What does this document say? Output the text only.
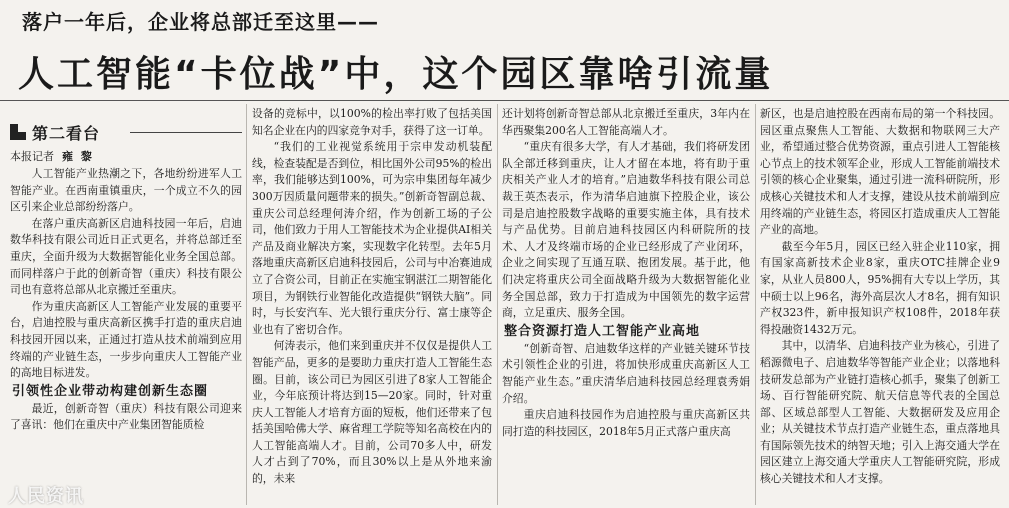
落户一年后，企业将总部迁至这里——
人工智能“卡位战”中，这个园区靠啥引流量
第二看台
本报记者 雍 黎

人工智能产业热潮之下，各地纷纷进军人工智能产业。在西南重镇重庆，一个成立不久的园区引来企业总部纷纷落户。

在落户重庆高新区启迪科技园一年后，启迪数华科技有限公司近日正式更名，并将总部迁至重庆，全面升级为大数据智能化业务全国总部。而同样落户于此的创新奇智（重庆）科技有限公司也有意将总部从北京搬迁至重庆。

作为重庆高新区人工智能产业发展的重要平台，启迪控股与重庆高新区携手打造的重庆启迪科技园开园以来，正通过打造从技术前端到应用终端的产业链生态，一步步向重庆人工智能产业的高地目标进发。

引领性企业带动构建创新生态圈

最近，创新奇智（重庆）科技有限公司迎来了喜讯：他们在重庆中产业集团智能质检

设备的竞标中，以100%的检出率打败了包括美国知名企业在内的四家竞争对手，获得了这一订单。

“我们的工业视觉系统用于宗申发动机装配线，检查装配是否到位，相比国外公司95%的检出率，我们能够达到100%，可为宗申集团每年减少300万因质量问题带来的损失。”创新奇智副总裁、重庆公司总经理何涛介绍，作为创新工场的子公司，他们致力于用人工智能技术为企业提供AI相关产品及商业解决方案，实现数字化转型。去年5月落地重庆高新区启迪科技园后，公司与中冶赛迪成立了合资公司，目前正在实施宝钢湛江二期智能化项目，为钢铁行业智能化改造提供“钢铁大脑”。同时，与长安汽车、光大银行重庆分行、富士康等企业也有了密切合作。

何涛表示，他们来到重庆并不仅仅是提供人工智能产品，更多的是要助力重庆打造人工智能生态圈。目前，该公司已为园区引进了8家人工智能企业，今年底预计将达到15—20家。同时，针对重庆人工智能人才培育方面的短板，他们还带来了包括美国哈佛大学、麻省理工学院等知名高校在内的人工智能高端人才。目前，公司70多人中，研发人才占到了70%，而且30%以上是从外地来渝的，未来

还计划将创新奇智总部从北京搬迁至重庆，3年内在华西聚集200名人工智能高端人才。

“重庆有很多大学，有人才基础，我们将研发团队全部迁移到重庆，让人才留在本地，将有助于重庆相关产业人才的培育。”启迪数华科技有限公司总裁王英杰表示，作为清华启迪旗下控股企业，该公司是启迪控股数字战略的重要实施主体，具有技术与产品优势。目前启迪科技园区内科研院所的技术、人才及终端市场的企业已经形成了产业闭环，企业之间实现了互通互联、抱团发展。基于此，他们决定将重庆公司全面战略升级为大数据智能化业务全国总部，致力于打造成为中国领先的数字运营商，立足重庆、服务全国。

整合资源打造人工智能产业高地

“创新奇智、启迪数华这样的产业链关键环节技术引领性企业的引进，将加快形成重庆高新区人工智能产业生态。”重庆清华启迪科技园总经理袁秀娟介绍。

重庆启迪科技园作为启迪控股与重庆高新区共同打造的科技园区，2018年5月正式落户重庆高

新区，也是启迪控股在西南布局的第一个科技园。园区重点聚焦人工智能、大数据和物联网三大产业，希望通过整合优势资源，重点引进人工智能核心节点上的技术领军企业，形成人工智能前端技术引领的核心企业聚集，通过引进一流科研院所，形成核心关键技术和人才支撑，建设从技术前端到应用终端的产业链生态，将园区打造成重庆人工智能产业的高地。

截至今年5月，园区已经入驻企业110家，拥有国家高新技术企业8家，重庆OTC挂牌企业9家，从业人员800人，95%拥有大专以上学历，其中硕士以上96名，海外高层次人才8名，拥有知识产权323件，新申报知识产权108件，2018年获得投融资1432万元。

其中，以清华、启迪科技产业为核心，引进了稻源微电子、启迪数华等智能产业企业；以落地科技研发总部为产业链打造核心抓手，聚集了创新工场、百行智能研究院、航天信息等代表的全国总部、区域总部型人工智能、大数据研发及应用企业；从关键技术节点打造产业链生态，重点落地具有国际领先技术的纳智天地；引入上海交通大学在园区建立上海交通大学重庆人工智能研究院，形成核心关键技术和人才支撑。

人民资讯
